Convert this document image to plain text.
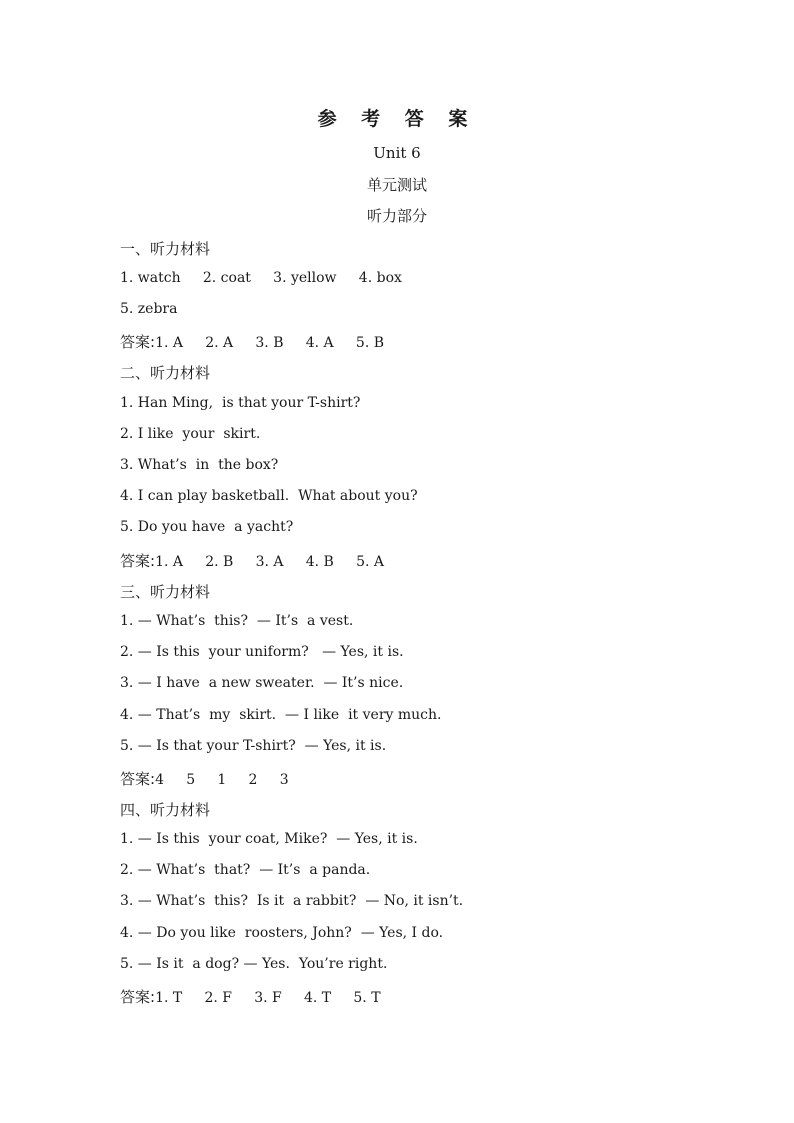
参 考 答 案
Unit 6
单元测试
听力部分
一、听力材料
1. watch     2. coat     3. yellow     4. box
5. zebra
答案:1. A     2. A     3. B     4. A     5. B
二、听力材料
1. Han Ming,  is that your T-shirt?
2. I like  your  skirt.
3. What’s  in  the box?
4. I can play basketball.  What about you?
5. Do you have  a yacht?
答案:1. A     2. B     3. A     4. B     5. A
三、听力材料
1. — What’s  this?  — It’s  a vest.
2. — Is this  your uniform?   — Yes, it is.
3. — I have  a new sweater.  — It’s nice.
4. — That’s  my  skirt.  — I like  it very much.
5. — Is that your T-shirt?  — Yes, it is.
答案:4     5     1     2     3
四、听力材料
1. — Is this  your coat, Mike?  — Yes, it is.
2. — What’s  that?  — It’s  a panda.
3. — What’s  this?  Is it  a rabbit?  — No, it isn’t.
4. — Do you like  roosters, John?  — Yes, I do.
5. — Is it  a dog? — Yes.  You’re right.
答案:1. T     2. F     3. F     4. T     5. T
